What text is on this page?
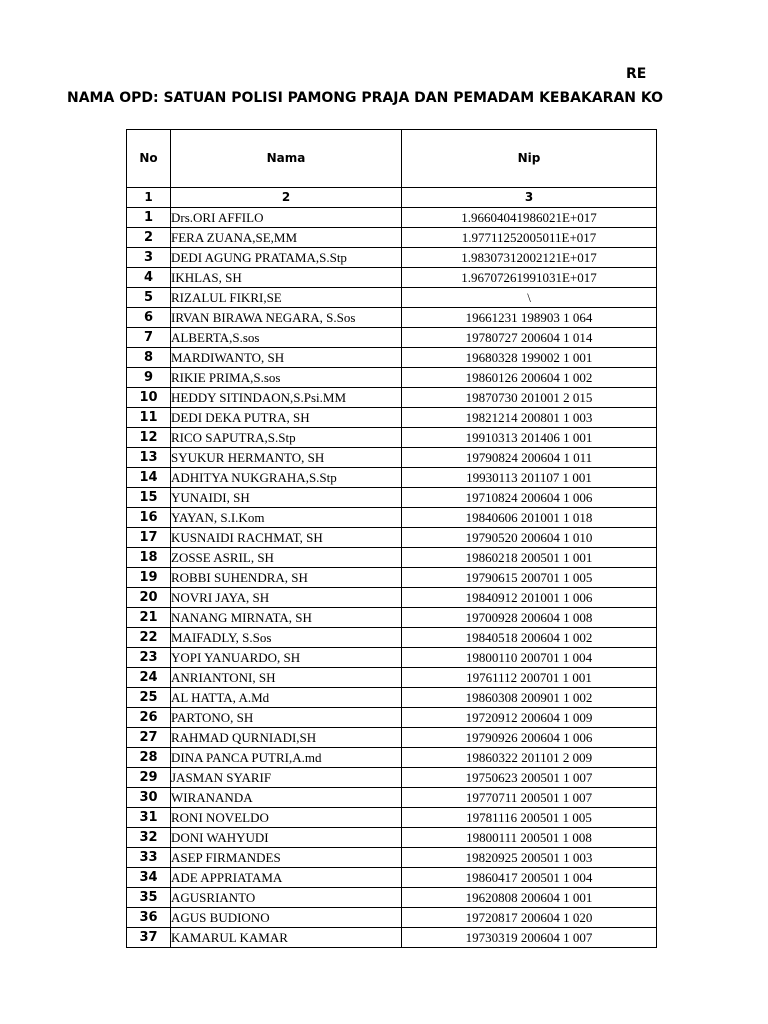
RE
NAMA OPD: SATUAN POLISI PAMONG PRAJA DAN PEMADAM KEBAKARAN KO
No	Nama	Nip
1	2	3
1	Drs.ORI AFFILO	1.96604041986021E+017
2	FERA ZUANA,SE,MM	1.97711252005011E+017
3	DEDI AGUNG PRATAMA,S.Stp	1.98307312002121E+017
4	IKHLAS, SH	1.96707261991031E+017
5	RIZALUL FIKRI,SE	\
6	IRVAN BIRAWA NEGARA, S.Sos	19661231 198903 1 064
7	ALBERTA,S.sos	19780727 200604 1 014
8	MARDIWANTO, SH	19680328 199002 1 001
9	RIKIE PRIMA,S.sos	19860126 200604 1 002
10	HEDDY SITINDAON,S.Psi.MM	19870730 201001 2 015
11	DEDI DEKA PUTRA, SH	19821214 200801 1 003
12	RICO SAPUTRA,S.Stp	19910313 201406 1 001
13	SYUKUR HERMANTO, SH	19790824 200604 1 011
14	ADHITYA NUKGRAHA,S.Stp	19930113 201107 1 001
15	YUNAIDI, SH	19710824 200604 1 006
16	YAYAN, S.I.Kom	19840606 201001 1 018
17	KUSNAIDI RACHMAT, SH	19790520 200604 1 010
18	ZOSSE ASRIL, SH	19860218 200501 1 001
19	ROBBI SUHENDRA, SH	19790615 200701 1 005
20	NOVRI JAYA, SH	19840912 201001 1 006
21	NANANG MIRNATA, SH	19700928 200604 1 008
22	MAIFADLY, S.Sos	19840518 200604 1 002
23	YOPI YANUARDO, SH	19800110 200701 1 004
24	ANRIANTONI, SH	19761112 200701 1 001
25	AL HATTA, A.Md	19860308 200901 1 002
26	PARTONO, SH	19720912 200604 1 009
27	RAHMAD QURNIADI,SH	19790926 200604 1 006
28	DINA PANCA PUTRI,A.md	19860322 201101 2 009
29	JASMAN SYARIF	19750623 200501 1 007
30	WIRANANDA	19770711 200501 1 007
31	RONI NOVELDO	19781116 200501 1 005
32	DONI WAHYUDI	19800111 200501 1 008
33	ASEP FIRMANDES	19820925 200501 1 003
34	ADE APPRIATAMA	19860417 200501 1 004
35	AGUSRIANTO	19620808 200604 1 001
36	AGUS BUDIONO	19720817 200604 1 020
37	KAMARUL KAMAR	19730319 200604 1 007
